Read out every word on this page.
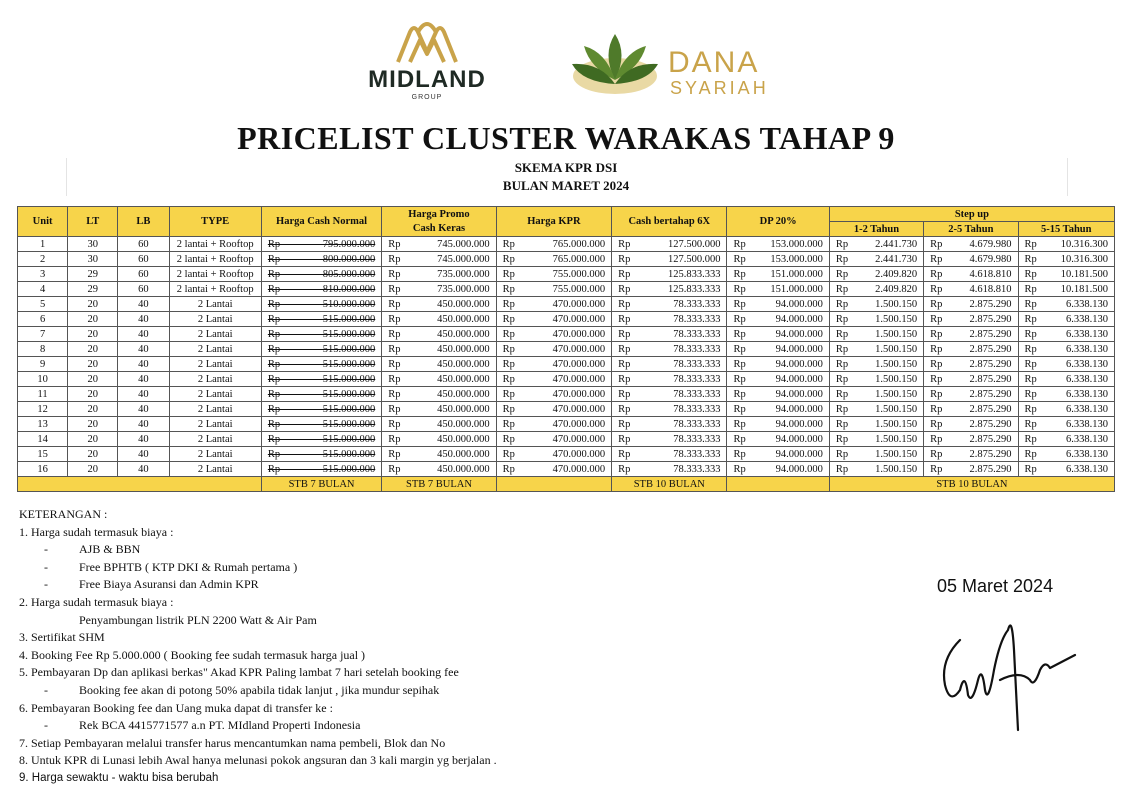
MIDLAND
GROUP
DANA
SYARIAH
PRICELIST CLUSTER WARAKAS TAHAP 9
SKEMA KPR DSI
BULAN MARET 2024
Unit	LT	LB	TYPE	Harga Cash Normal	Harga Promo
Cash Keras	Harga KPR	Cash bertahap 6X	DP 20%	Step up		
									1-2 Tahun	2-5 Tahun	5-15 Tahun
1	30	60	2 lantai + Rooftop	Rp 795.000.000	Rp 745.000.000	Rp 765.000.000	Rp 127.500.000	Rp 153.000.000	Rp 2.441.730	Rp 4.679.980	Rp 10.316.300

2	30	60	2 lantai + Rooftop	Rp 800.000.000	Rp 745.000.000	Rp 765.000.000	Rp 127.500.000	Rp 153.000.000	Rp 2.441.730	Rp 4.679.980	Rp 10.316.300

3	29	60	2 lantai + Rooftop	Rp 805.000.000	Rp 735.000.000	Rp 755.000.000	Rp 125.833.333	Rp 151.000.000	Rp 2.409.820	Rp 4.618.810	Rp 10.181.500

4	29	60	2 lantai + Rooftop	Rp 810.000.000	Rp 735.000.000	Rp 755.000.000	Rp 125.833.333	Rp 151.000.000	Rp 2.409.820	Rp 4.618.810	Rp 10.181.500

5	20	40	2 Lantai	Rp 510.000.000	Rp 450.000.000	Rp 470.000.000	Rp 78.333.333	Rp 94.000.000	Rp 1.500.150	Rp 2.875.290	Rp 6.338.130

6	20	40	2 Lantai	Rp 515.000.000	Rp 450.000.000	Rp 470.000.000	Rp 78.333.333	Rp 94.000.000	Rp 1.500.150	Rp 2.875.290	Rp 6.338.130

7	20	40	2 Lantai	Rp 515.000.000	Rp 450.000.000	Rp 470.000.000	Rp 78.333.333	Rp 94.000.000	Rp 1.500.150	Rp 2.875.290	Rp 6.338.130

8	20	40	2 Lantai	Rp 515.000.000	Rp 450.000.000	Rp 470.000.000	Rp 78.333.333	Rp 94.000.000	Rp 1.500.150	Rp 2.875.290	Rp 6.338.130

9	20	40	2 Lantai	Rp 515.000.000	Rp 450.000.000	Rp 470.000.000	Rp 78.333.333	Rp 94.000.000	Rp 1.500.150	Rp 2.875.290	Rp 6.338.130

10	20	40	2 Lantai	Rp 515.000.000	Rp 450.000.000	Rp 470.000.000	Rp 78.333.333	Rp 94.000.000	Rp 1.500.150	Rp 2.875.290	Rp 6.338.130

11	20	40	2 Lantai	Rp 515.000.000	Rp 450.000.000	Rp 470.000.000	Rp 78.333.333	Rp 94.000.000	Rp 1.500.150	Rp 2.875.290	Rp 6.338.130

12	20	40	2 Lantai	Rp 515.000.000	Rp 450.000.000	Rp 470.000.000	Rp 78.333.333	Rp 94.000.000	Rp 1.500.150	Rp 2.875.290	Rp 6.338.130

13	20	40	2 Lantai	Rp 515.000.000	Rp 450.000.000	Rp 470.000.000	Rp 78.333.333	Rp 94.000.000	Rp 1.500.150	Rp 2.875.290	Rp 6.338.130

14	20	40	2 Lantai	Rp 515.000.000	Rp 450.000.000	Rp 470.000.000	Rp 78.333.333	Rp 94.000.000	Rp 1.500.150	Rp 2.875.290	Rp 6.338.130

15	20	40	2 Lantai	Rp 515.000.000	Rp 450.000.000	Rp 470.000.000	Rp 78.333.333	Rp 94.000.000	Rp 1.500.150	Rp 2.875.290	Rp 6.338.130

16	20	40	2 Lantai	Rp 515.000.000	Rp 450.000.000	Rp 470.000.000	Rp 78.333.333	Rp 94.000.000	Rp 1.500.150	Rp 2.875.290	Rp 6.338.130

				STB 7 BULAN	STB 7 BULAN		STB 10 BULAN		STB 10 BULAN		
KETERANGAN :
1. Harga sudah termasuk biaya :
-	AJB & BBN
-	Free BPHTB ( KTP DKI & Rumah pertama )
-	Free Biaya Asuransi dan Admin KPR
2. Harga sudah termasuk biaya :
Penyambungan listrik PLN 2200 Watt & Air Pam
3. Sertifikat SHM
4. Booking Fee Rp 5.000.000 ( Booking fee sudah termasuk harga jual )
5. Pembayaran Dp dan aplikasi berkas" Akad KPR Paling lambat 7 hari setelah booking fee
-	Booking fee akan di potong 50% apabila tidak lanjut , jika mundur sepihak
6. Pembayaran Booking fee dan Uang muka dapat di transfer ke :
-	Rek BCA 4415771577 a.n PT. MIdland Properti Indonesia
7. Setiap Pembayaran melalui transfer harus mencantumkan nama pembeli, Blok dan No
8. Untuk KPR di Lunasi lebih Awal hanya melunasi pokok angsuran dan 3 kali margin yg berjalan .
9. Harga sewaktu - waktu bisa berubah
05 Maret 2024
